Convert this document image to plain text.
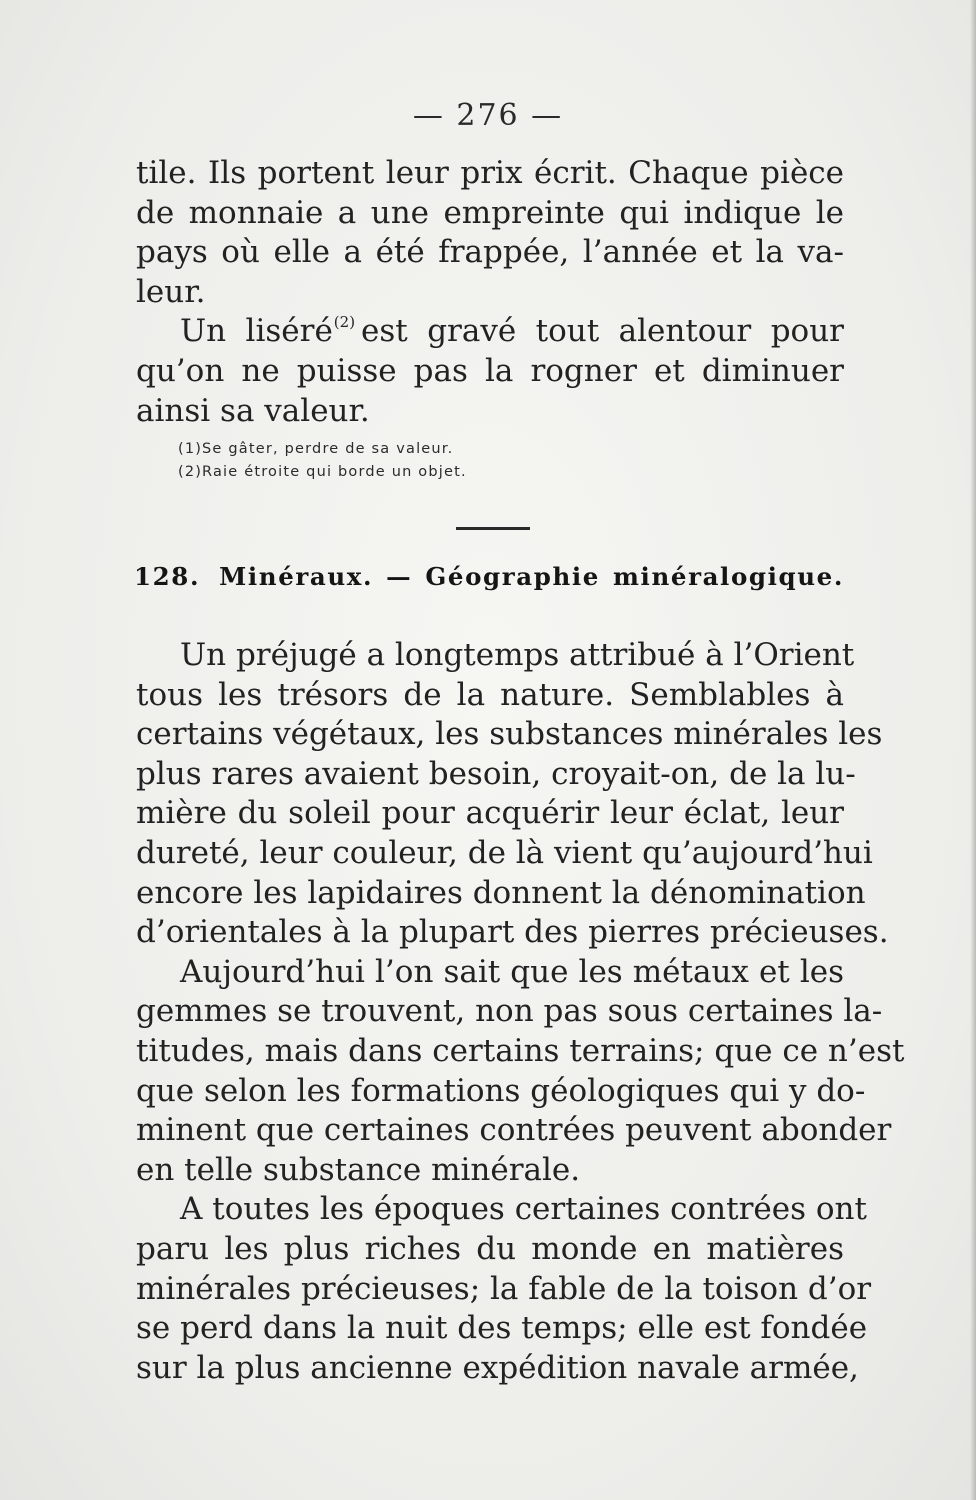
— 276 —
tile. Ils portent leur prix écrit. Chaque pièce
de monnaie a une empreinte qui indique le
pays où elle a été frappée, l’année et la va-
leur.
Un liséré$^{(2)}$ est gravé tout alentour pour
qu’on ne puisse pas la rogner et diminuer
ainsi sa valeur.
(1)Se gâter, perdre de sa valeur.
(2)Raie étroite qui borde un objet.
128. Minéraux. — Géographie minéralogique.
Un préjugé a longtemps attribué à l’Orient
tous les trésors de la nature. Semblables à
certains végétaux, les substances minérales les
plus rares avaient besoin, croyait-on, de la lu-
mière du soleil pour acquérir leur éclat, leur
dureté, leur couleur, de là vient qu’aujourd’hui
encore les lapidaires donnent la dénomination
d’orientales à la plupart des pierres précieuses.
Aujourd’hui l’on sait que les métaux et les
gemmes se trouvent, non pas sous certaines la-
titudes, mais dans certains terrains; que ce n’est
que selon les formations géologiques qui y do-
minent que certaines contrées peuvent abonder
en telle substance minérale.
A toutes les époques certaines contrées ont
paru les plus riches du monde en matières
minérales précieuses; la fable de la toison d’or
se perd dans la nuit des temps; elle est fondée
sur la plus ancienne expédition navale armée,
